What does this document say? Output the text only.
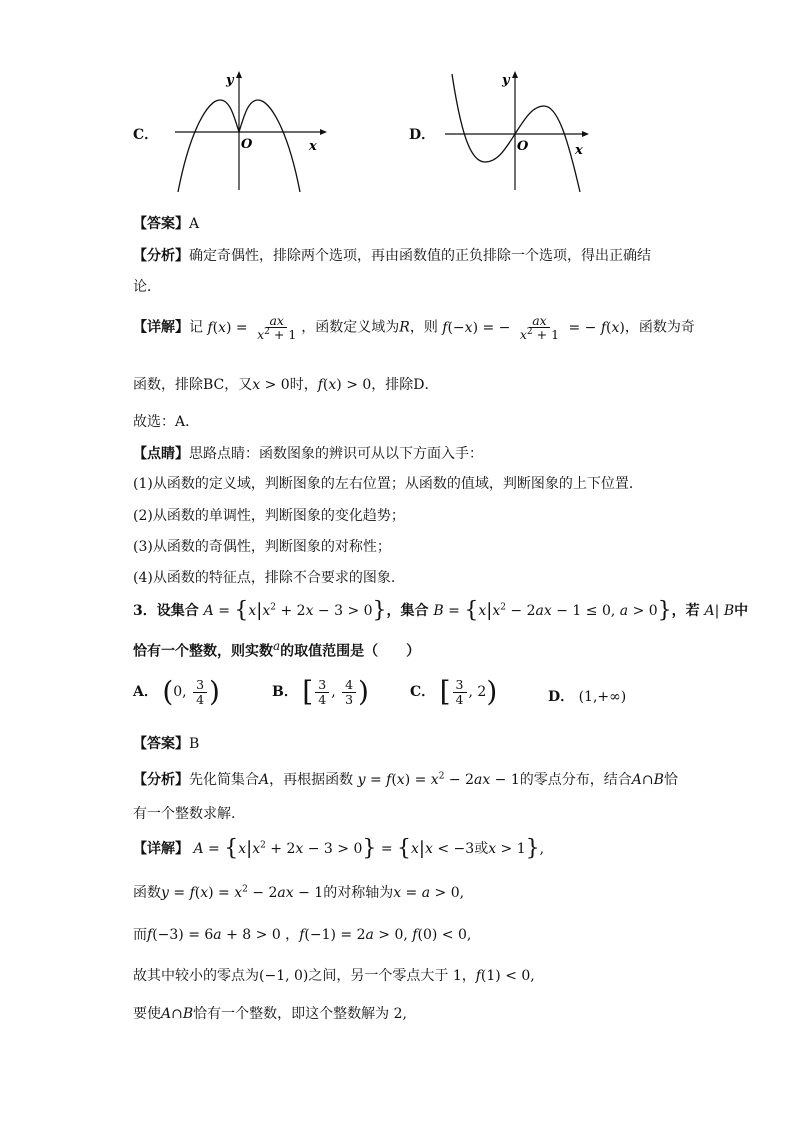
C．
y
O	x
D．
y
O	x
【答案】A
【分析】确定奇偶性，排除两个选项，再由函数值的正负排除一个选项，得出正确结
论．
【详解】记 $f(x) = \frac{ax}{x^2 + 1}$ ，函数定义域为R，则 f(−x) = − $\frac{ax}{x^2 + 1}$ = − f(x)，函数为奇
函数，排除BC，又x > 0时，f(x) > 0，排除D．
故选：A．
【点睛】思路点睛：函数图象的辨识可从以下方面入手：
(1)从函数的定义域，判断图象的左右位置；从函数的值域，判断图象的上下位置．
(2)从函数的单调性，判断图象的变化趋势；
(3)从函数的奇偶性，判断图象的对称性；
(4)从函数的特征点，排除不合要求的图象.
3．设集合 $A = \{x|x^2 + 2x - 3 > 0\}$，集合 $B = \{x|x^2 - 2ax - 1 \le 0$, a > 0}，若 A| B中
恰有一个整数，则实数a的取值范围是（　　）
A． (0, $\frac{3}{4}$ )	B． [ $\frac{3}{4}$ , $\frac{4}{3}$ )	C． [ $\frac{3}{4}$ , 2)	D． (1,+∞)
【答案】B
【分析】先化简集合A，再根据函数 $y = f(x) = x^2 - 2ax - 1$的零点分布，结合A∩B恰
有一个整数求解.
【详解】 $A = \{x|x^2 + 2x - 3 > 0\} = \{x|x < -3$或x > 1},
函数$y = f(x) = x^2 - 2ax - 1$的对称轴为x = a > 0,
而f(−3) = 6a + 8 > 0 ，f(−1) = 2a > 0, f(0) < 0,
故其中较小的零点为(−1, 0)之间，另一个零点大于 1，f(1) < 0,
要使A∩B恰有一个整数，即这个整数解为 2,
